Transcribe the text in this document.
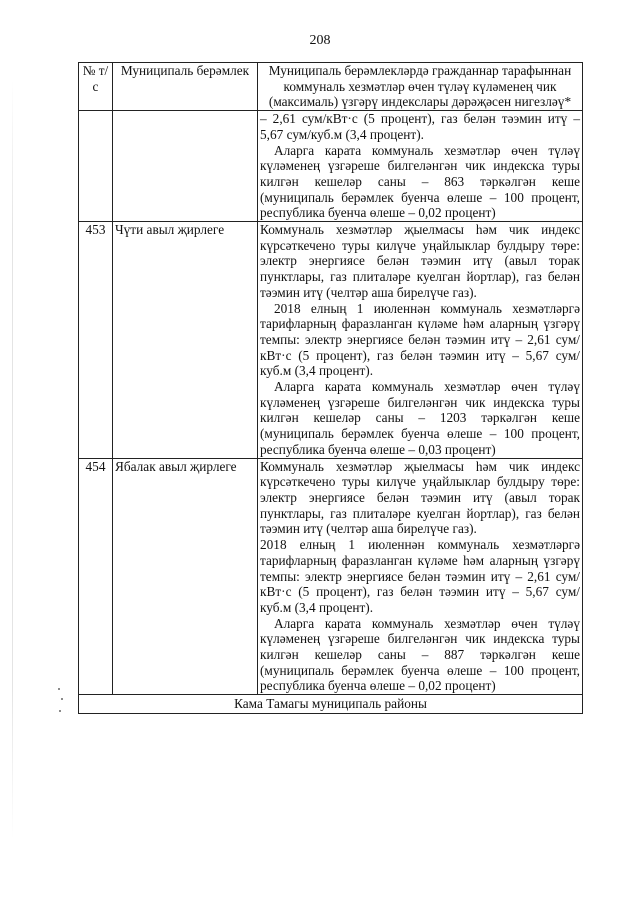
208
№ т/с	Муниципаль берәмлек	Муниципаль берәмлекләрдә гражданнар тарафыннан коммуналь хезмәтләр өчен түләү күләменең чик (максималь) үзгәрү индекслары дәрәҗәсен нигезләү*

		– 2,61 сум/кВт·с (5 процент), газ белән тәэмин итү – 5,67 сум/куб.м (3,4 процент).

Аларга карата коммуналь хезмәтләр өчен түләү күләменең үзгәреше билгеләнгән чик индекска туры килгән кешеләр саны – 863 тәркәлгән кеше (муниципаль берәмлек буенча өлеше – 100 процент, республика буенча өлеше – 0,02 процент)

453	Чүти авыл җирлеге	Коммуналь хезмәтләр җыелмасы һәм чик индекс күрсәткечено туры килүче уңайлыклар булдыру төре: электр энергиясе белән тәэмин итү (авыл торак пунктлары, газ плиталәре куелган йортлар), газ белән тәэмин итү (челтәр аша бирелүче газ).

2018 елның 1 июленнән коммуналь хезмәтләргә тарифларның фаразланган күләме һәм аларның үзгәрү темпы: электр энергиясе белән тәэмин итү – 2,61 сум/кВт·с (5 процент), газ белән тәэмин итү – 5,67 сум/куб.м (3,4 процент).

Аларга карата коммуналь хезмәтләр өчен түләү күләменең үзгәреше билгеләнгән чик индекска туры килгән кешеләр саны – 1203 тәркәлгән кеше (муниципаль берәмлек буенча өлеше – 100 процент, республика буенча өлеше – 0,03 процент)

454	Ябалак авыл җирлеге	Коммуналь хезмәтләр җыелмасы һәм чик индекс күрсәткечено туры килүче уңайлыклар булдыру төре: электр энергиясе белән тәэмин итү (авыл торак пунктлары, газ плиталәре куелган йортлар), газ белән тәэмин итү (челтәр аша бирелүче газ).

2018 елның 1 июленнән коммуналь хезмәтләргә тарифларның фаразланган күләме һәм аларның үзгәрү темпы: электр энергиясе белән тәэмин итү – 2,61 сум/кВт·с (5 процент), газ белән тәэмин итү – 5,67 сум/куб.м (3,4 процент).

Аларга карата коммуналь хезмәтләр өчен түләү күләменең үзгәреше билгеләнгән чик индекска туры килгән кешеләр саны – 887 тәркәлгән кеше (муниципаль берәмлек буенча өлеше – 100 процент, республика буенча өлеше – 0,02 процент)

Кама Тамагы муниципаль районы		
